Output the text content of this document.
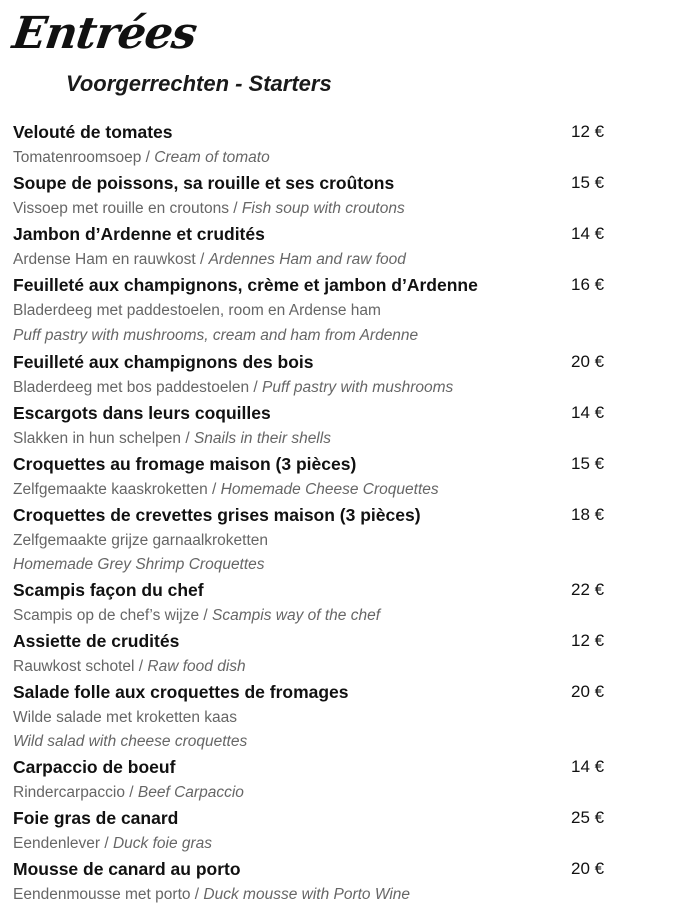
Entrées
Voorgerrechten - Starters
Velouté de tomates	12 €
Tomatenroomsoep / Cream of tomato
Soupe de poissons, sa rouille et ses croûtons	15 €
Vissoep met rouille en croutons / Fish soup with croutons
Jambon d’Ardenne et crudités	14 €
Ardense Ham en rauwkost / Ardennes Ham and raw food
Feuilleté aux champignons, crème et jambon d’Ardenne	16 €
Bladerdeeg met paddestoelen, room en Ardense ham
Puff pastry with mushrooms, cream and ham from Ardenne
Feuilleté aux champignons des bois	20 €
Bladerdeeg met bos paddestoelen / Puff pastry with mushrooms
Escargots dans leurs coquilles	14 €
Slakken in hun schelpen / Snails in their shells
Croquettes au fromage maison (3 pièces)	15 €
Zelfgemaakte kaaskroketten / Homemade Cheese Croquettes
Croquettes de crevettes grises maison (3 pièces)	18 €
Zelfgemaakte grijze garnaalkroketten
Homemade Grey Shrimp Croquettes
Scampis façon du chef	22 €
Scampis op de chef’s wijze / Scampis way of the chef
Assiette de crudités	12 €
Rauwkost schotel / Raw food dish
Salade folle aux croquettes de fromages	20 €
Wilde salade met kroketten kaas
Wild salad with cheese croquettes
Carpaccio de boeuf	14 €
Rindercarpaccio / Beef Carpaccio
Foie gras de canard	25 €
Eendenlever / Duck foie gras
Mousse de canard au porto	20 €
Eendenmousse met porto / Duck mousse with Porto Wine
